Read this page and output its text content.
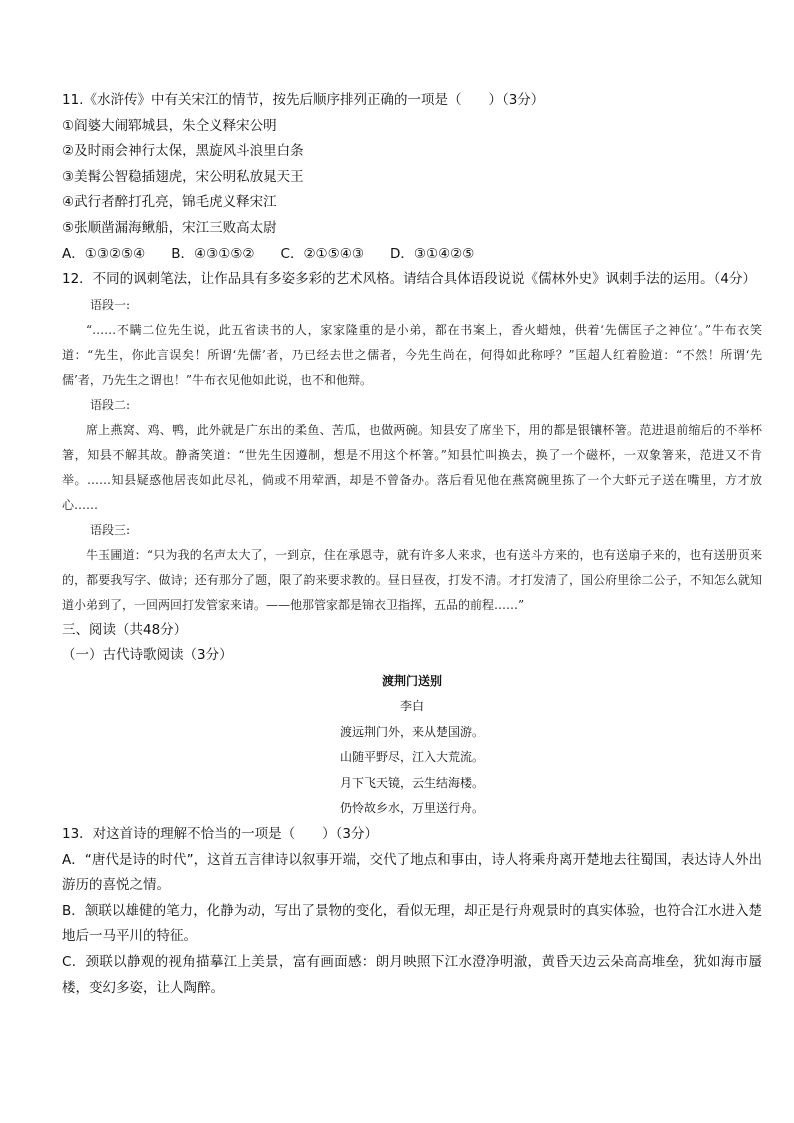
11.《水浒传》中有关宋江的情节，按先后顺序排列正确的一项是（　　）（3分）
①阎婆大闹郓城县，朱仝义释宋公明
②及时雨会神行太保，黑旋风斗浪里白条
③美髯公智稳插翅虎，宋公明私放晁天王
④武行者醉打孔亮，锦毛虎义释宋江
⑤张顺凿漏海鳅船，宋江三败高太尉
A．①③②⑤④ B．④③①⑤② C．②①⑤④③ D．③①④②⑤
12．不同的讽刺笔法，让作品具有多姿多彩的艺术风格。请结合具体语段说说《儒林外史》讽刺手法的运用。（4分）
语段一:
“……不瞒二位先生说，此五省读书的人，家家隆重的是小弟，都在书案上，香火蜡烛，供着‘先儒匡子之神位’。”牛布衣笑道：“先生，你此言误矣！所谓‘先儒’者，乃已经去世之儒者，今先生尚在，何得如此称呼？”匡超人红着脸道：“不然！所谓‘先儒’者，乃先生之谓也！”牛布衣见他如此说，也不和他辩。
语段二:
席上燕窝、鸡、鸭，此外就是广东出的柔鱼、苦瓜，也做两碗。知县安了席坐下，用的都是银镶杯箸。范进退前缩后的不举杯箸，知县不解其故。静斋笑道：“世先生因遵制，想是不用这个杯箸。”知县忙叫换去，换了一个磁杯，一双象箸来，范进又不肯举。……知县疑惑他居丧如此尽礼，倘或不用荤酒，却是不曾备办。落后看见他在燕窝碗里拣了一个大虾元子送在嘴里，方才放心……
语段三:
牛玉圃道：“只为我的名声太大了，一到京，住在承恩寺，就有许多人来求，也有送斗方来的，也有送扇子来的，也有送册页来的，都要我写字、做诗；还有那分了题，限了韵来要求教的。昼日昼夜，打发不清。才打发清了，国公府里徐二公子，不知怎么就知道小弟到了，一回两回打发管家来请。——他那管家都是锦衣卫指挥，五品的前程……”
三、阅读（共48分）
（一）古代诗歌阅读（3分）
渡荆门送别
李白
渡远荆门外，来从楚国游。
山随平野尽，江入大荒流。
月下飞天镜，云生结海楼。
仍怜故乡水，万里送行舟。
13．对这首诗的理解不恰当的一项是（　　）（3分）
A．“唐代是诗的时代”，这首五言律诗以叙事开端，交代了地点和事由，诗人将乘舟离开楚地去往蜀国，表达诗人外出游历的喜悦之情。
B．颔联以雄健的笔力，化静为动，写出了景物的变化，看似无理，却正是行舟观景时的真实体验，也符合江水进入楚地后一马平川的特征。
C．颈联以静观的视角描摹江上美景，富有画面感：朗月映照下江水澄净明澈，黄昏天边云朵高高堆垒，犹如海市蜃楼，变幻多姿，让人陶醉。
